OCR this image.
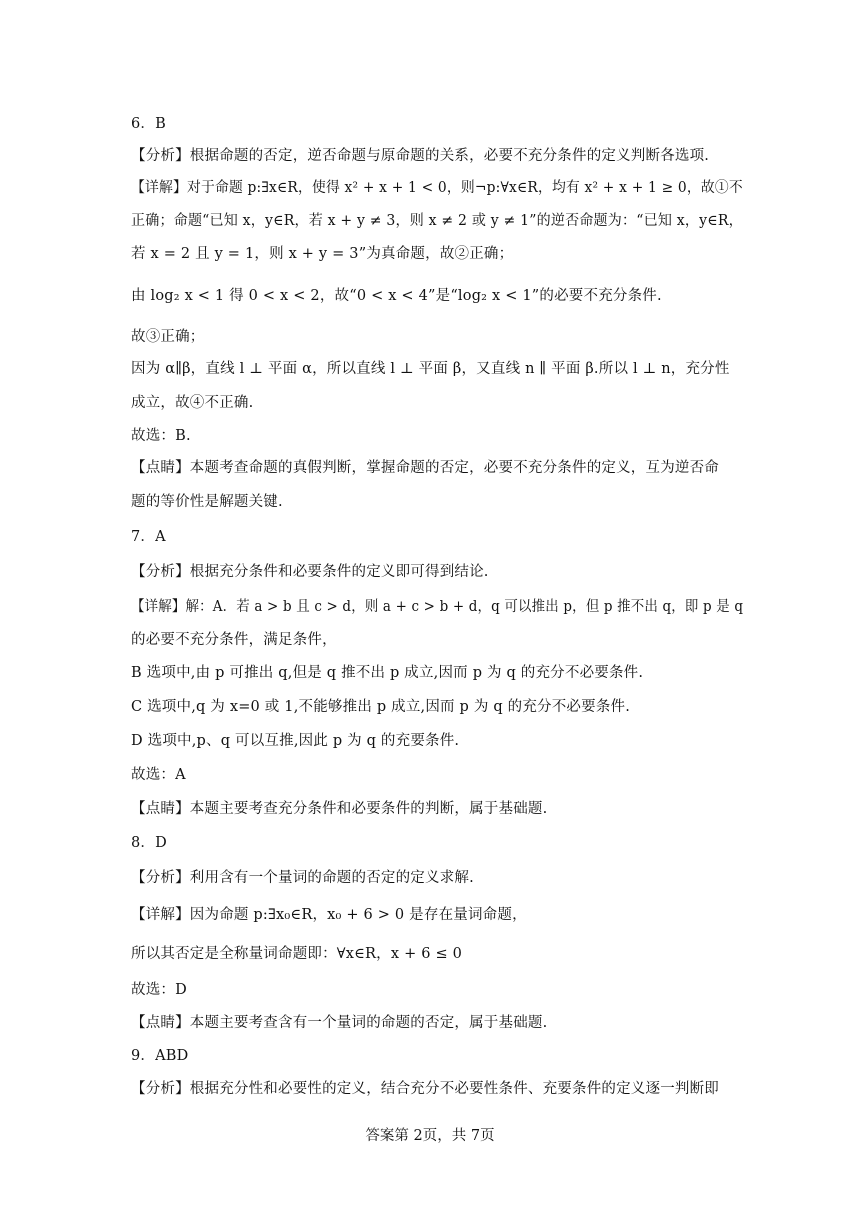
6．B
【分析】根据命题的否定，逆否命题与原命题的关系，必要不充分条件的定义判断各选项.
【详解】对于命题 p:∃x∈R，使得 x² + x + 1 < 0，则¬p:∀x∈R，均有 x² + x + 1 ≥ 0，故①不
正确；命题“已知 x，y∈R，若 x + y ≠ 3，则 x ≠ 2 或 y ≠ 1”的逆否命题为：“已知 x，y∈R，
若 x = 2 且 y = 1，则 x + y = 3”为真命题，故②正确；
由 log₂ x < 1 得 0 < x < 2，故“0 < x < 4”是“log₂ x < 1”的必要不充分条件.
故③正确；
因为 α∥β，直线 l ⊥ 平面 α，所以直线 l ⊥ 平面 β，又直线 n ∥ 平面 β.所以 l ⊥ n，充分性
成立，故④不正确.
故选：B.
【点睛】本题考查命题的真假判断，掌握命题的否定，必要不充分条件的定义，互为逆否命
题的等价性是解题关键.
7．A
【分析】根据充分条件和必要条件的定义即可得到结论.
【详解】解：A．若 a > b 且 c > d，则 a + c > b + d，q 可以推出 p，但 p 推不出 q，即 p 是 q
的必要不充分条件，满足条件，
B 选项中,由 p 可推出 q,但是 q 推不出 p 成立,因而 p 为 q 的充分不必要条件.
C 选项中,q 为 x=0 或 1,不能够推出 p 成立,因而 p 为 q 的充分不必要条件.
D 选项中,p、q 可以互推,因此 p 为 q 的充要条件.
故选：A
【点睛】本题主要考查充分条件和必要条件的判断，属于基础题.
8．D
【分析】利用含有一个量词的命题的否定的定义求解.
【详解】因为命题 p:∃x₀∈R，x₀ + 6 > 0 是存在量词命题，
所以其否定是全称量词命题即：∀x∈R，x + 6 ≤ 0
故选：D
【点睛】本题主要考查含有一个量词的命题的否定，属于基础题.
9．ABD
【分析】根据充分性和必要性的定义，结合充分不必要性条件、充要条件的定义逐一判断即
答案第 2页，共 7页
